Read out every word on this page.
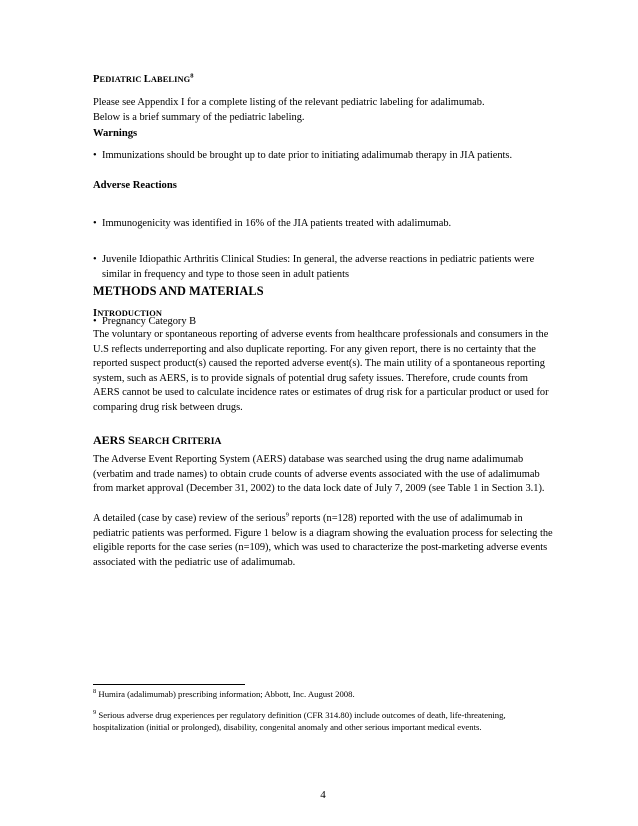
PEDIATRIC LABELING$^8$

Please see Appendix I for a complete listing of the relevant pediatric labeling for adalimumab.

Below is a brief summary of the pediatric labeling.

Warnings
• Immunizations should be brought up to date prior to initiating adalimumab therapy in JIA patients.
Adverse Reactions
• Immunogenicity was identified in 16% of the JIA patients treated with adalimumab.
• Juvenile Idiopathic Arthritis Clinical Studies: In general, the adverse reactions in pediatric patients were similar in frequency and type to those seen in adult patients
• Pregnancy Category B
METHODS AND MATERIALS
INTRODUCTION

The voluntary or spontaneous reporting of adverse events from healthcare professionals and consumers in the U.S reflects underreporting and also duplicate reporting. For any given report, there is no certainty that the reported suspect product(s) caused the reported adverse event(s). The main utility of a spontaneous reporting system, such as AERS, is to provide signals of potential drug safety issues. Therefore, crude counts from AERS cannot be used to calculate incidence rates or estimates of drug risk for a particular product or used for comparing drug risk between drugs.

AERS SEARCH CRITERIA

The Adverse Event Reporting System (AERS) database was searched using the drug name adalimumab (verbatim and trade names) to obtain crude counts of adverse events associated with the use of adalimumab from market approval (December 31, 2002) to the data lock date of July 7, 2009 (see Table 1 in Section 3.1).

A detailed (case by case) review of the serious$^9$ reports (n=128) reported with the use of adalimumab in pediatric patients was performed. Figure 1 below is a diagram showing the evaluation process for selecting the eligible reports for the case series (n=109), which was used to characterize the post-marketing adverse events associated with the pediatric use of adalimumab.

$^8$ Humira (adalimumab) prescribing information; Abbott, Inc. August 2008.
$^9$ Serious adverse drug experiences per regulatory definition (CFR 314.80) include outcomes of death, life-threatening, hospitalization (initial or prolonged), disability, congenital anomaly and other serious important medical events.
4
